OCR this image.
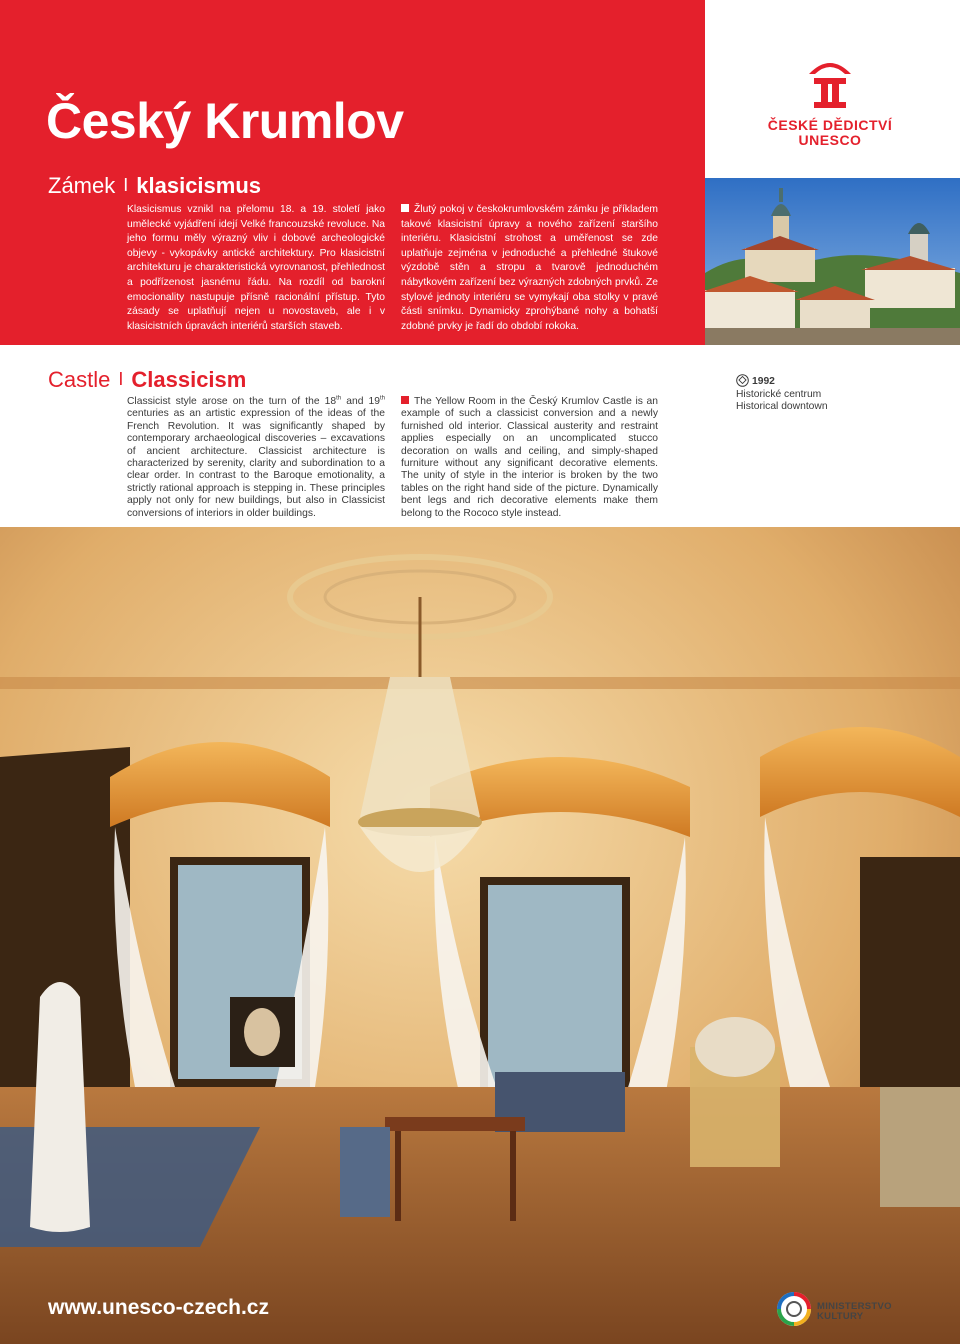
Český Krumlov
Zámek I klasicismus

Klasicismus vznikl na přelomu 18. a 19. století jako umělecké vyjádření idejí Velké francouzské revoluce. Na jeho formu měly výrazný vliv i dobové archeologické objevy - vykopávky antické architektury. Pro klasicistní architekturu je charakteristická vyrovnanost, přehlednost a podřízenost jasnému řádu. Na rozdíl od barokní emocionality nastupuje přísně racionální přístup. Tyto zásady se uplatňují nejen u novostaveb, ale i v klasicistních úpravách interiérů starších staveb.

Žlutý pokoj v českokrumlovském zámku je příkladem takové klasicistní úpravy a nového zařízení staršího interiéru. Klasicistní strohost a uměřenost se zde uplatňuje zejména v jednoduché a přehledné štukové výzdobě stěn a stropu a tvarově jednoduchém nábytkovém zařízení bez výrazných zdobných prvků. Ze stylové jednoty interiéru se vymykají oba stolky v pravé části snímku. Dynamicky zprohýbané nohy a bohatší zdobné prvky je řadí do období rokoka.

ČESKÉ DĚDICTVÍ
UNESCO
Castle I Classicism

Classicist style arose on the turn of the 18th and 19th centuries as an artistic expression of the ideas of the French Revolution. It was significantly shaped by contemporary archaeological discoveries – excavations of ancient architecture. Classicist architecture is characterized by serenity, clarity and subordination to a clear order. In contrast to the Baroque emotionality, a strictly rational approach is stepping in. These principles apply not only for new buildings, but also in Classicist conversions of interiors in older buildings.

The Yellow Room in the Český Krumlov Castle is an example of such a classicist conversion and a newly furnished old interior. Classical austerity and restraint applies especially on an uncomplicated stucco decoration on walls and ceiling, and simply-shaped furniture without any significant decorative elements. The unity of style in the interior is broken by the two tables on the right hand side of the picture. Dynamically bent legs and rich decorative elements make them belong to the Rococo style instead.

1992
Historické centrum
Historical downtown
www.unesco-czech.cz	MINISTERSTVO
KULTURY
